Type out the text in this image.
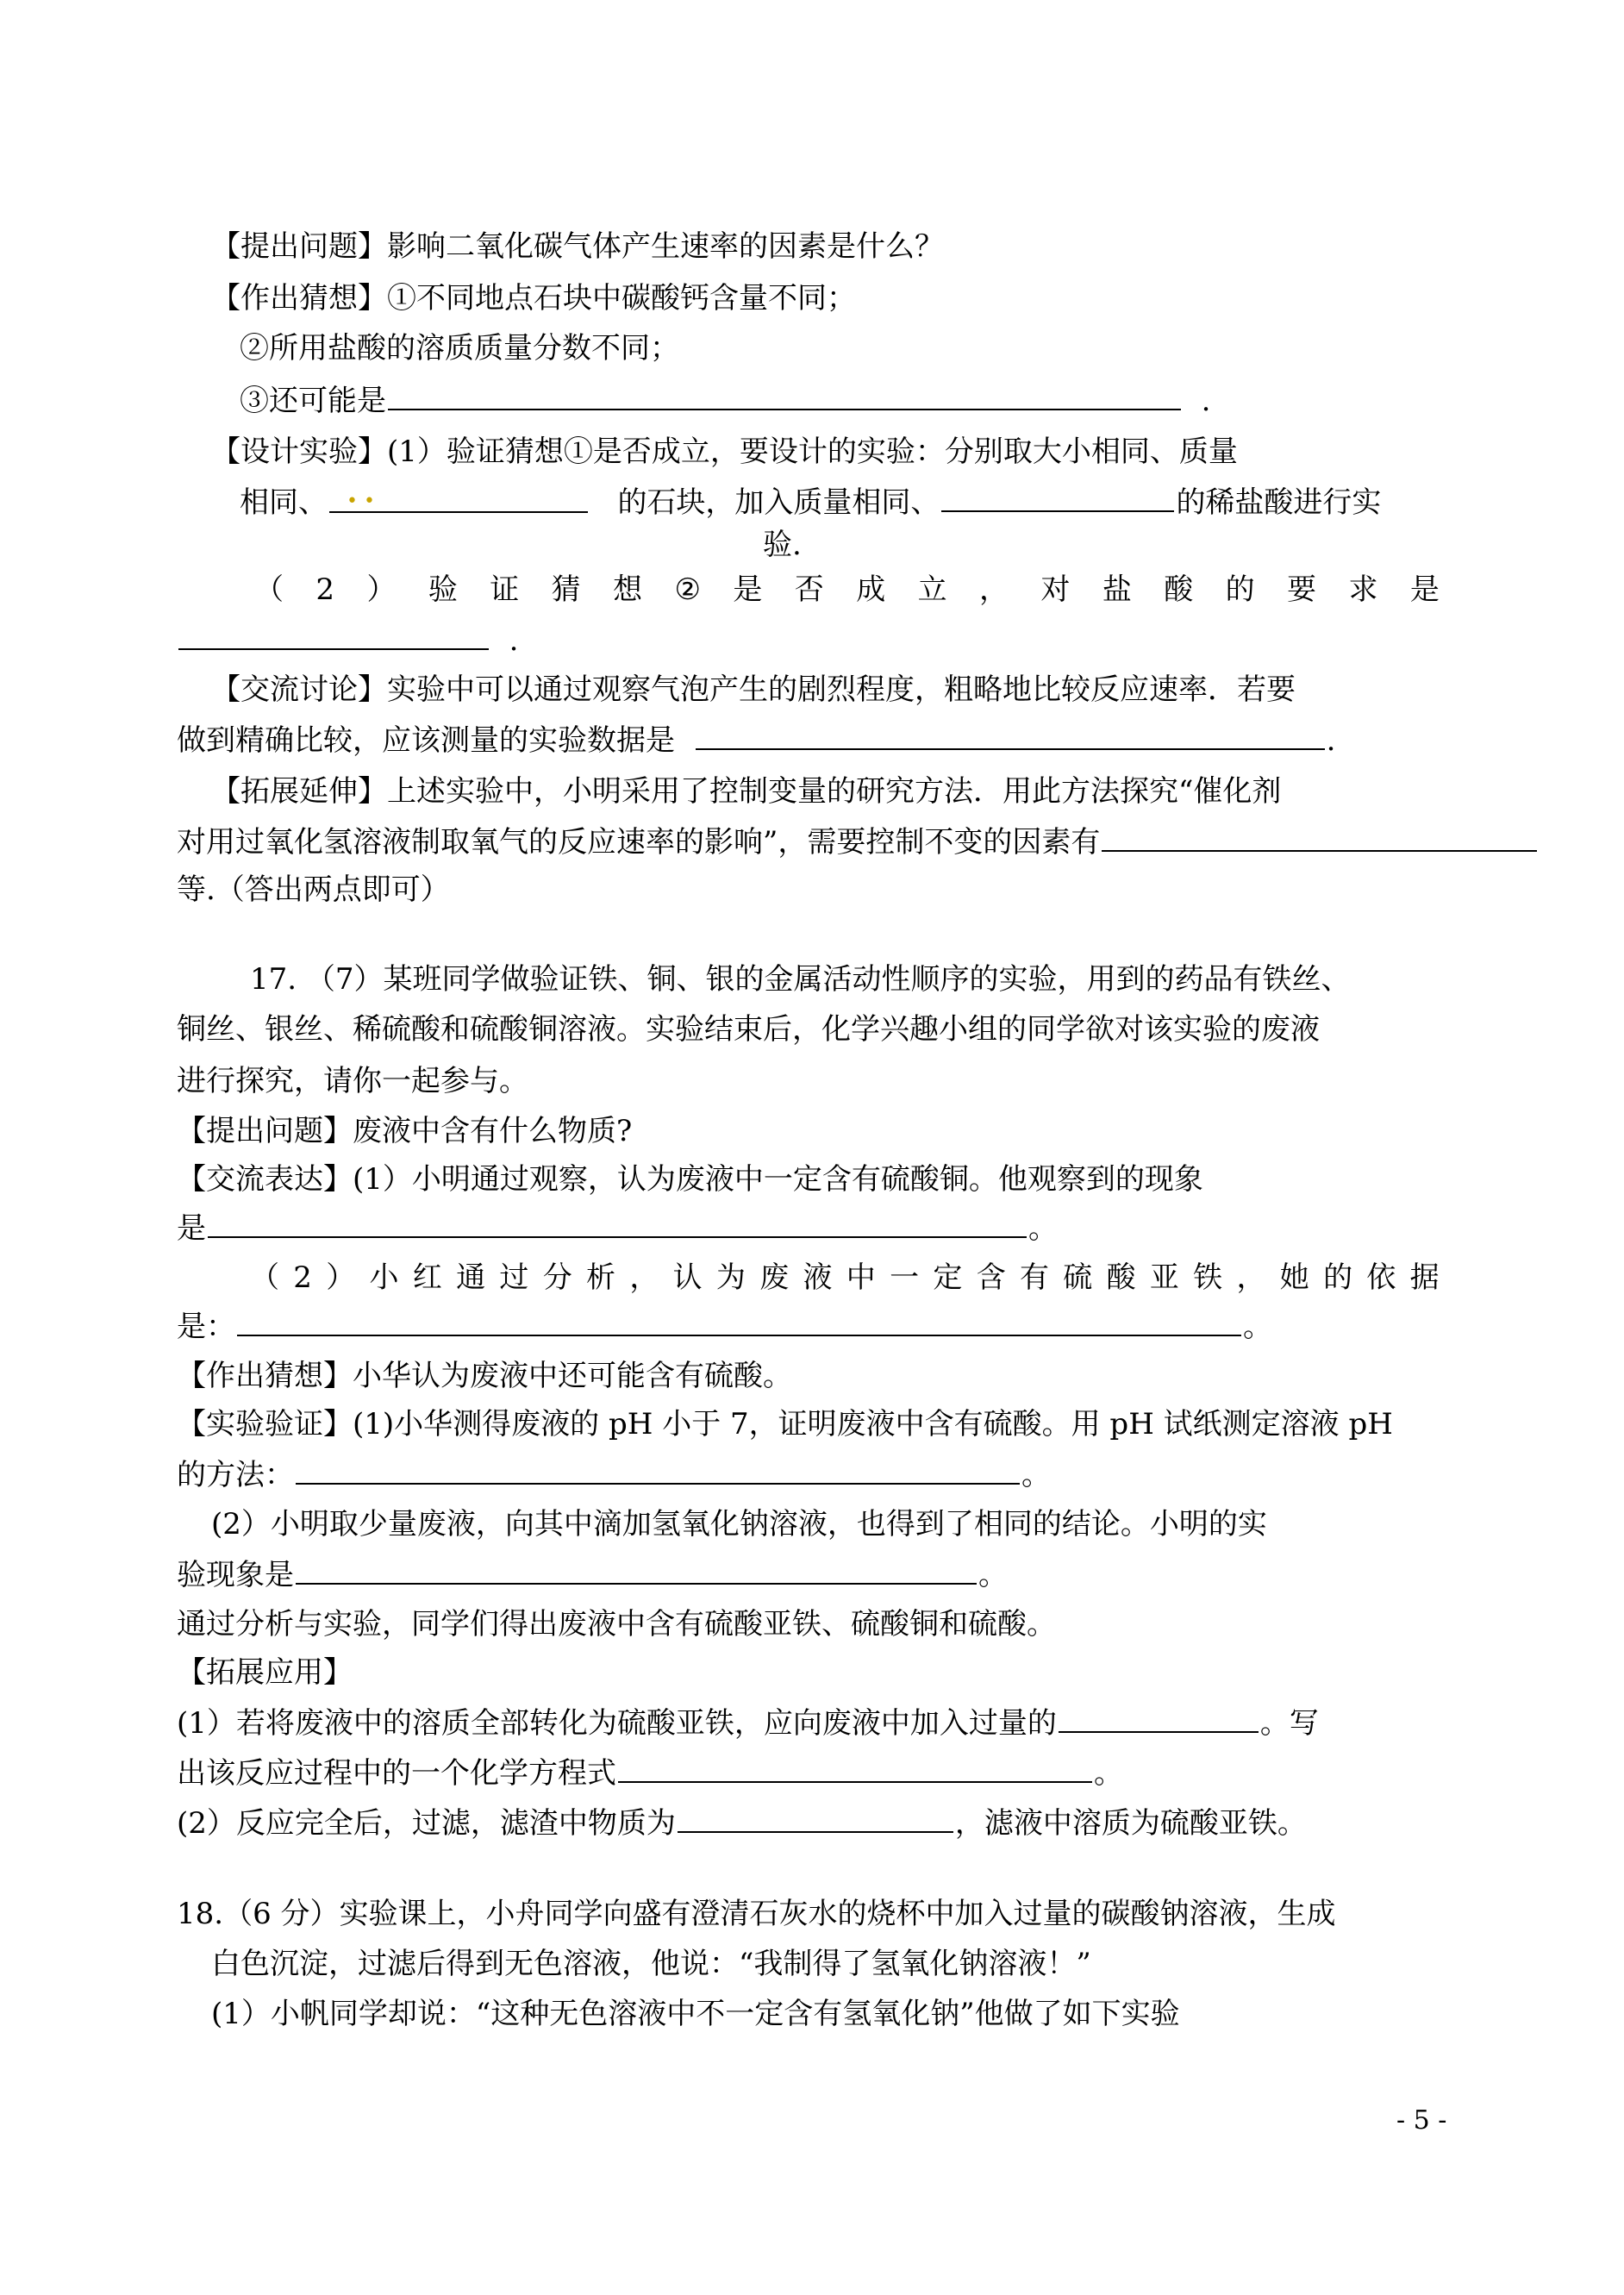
【提出问题】影响二氧化碳气体产生速率的因素是什么？
【作出猜想】①不同地点石块中碳酸钙含量不同；
②所用盐酸的溶质质量分数不同；
③还可能是	.
【设计实验】(1）验证猜想①是否成立，要设计的实验：分别取大小相同、质量
相同、 • •	的石块，加入质量相同、	的稀盐酸进行实
验.
（ 2 ） 验 证 猜 想 ② 是 否 成 立 ， 对 盐 酸 的 要 求 是
.
【交流讨论】实验中可以通过观察气泡产生的剧烈程度，粗略地比较反应速率．若要
做到精确比较，应该测量的实验数据是	.
【拓展延伸】上述实验中，小明采用了控制变量的研究方法．用此方法探究“催化剂
对用过氧化氢溶液制取氧气的反应速率的影响”，需要控制不变的因素有
等.（答出两点即可）
17. （7）某班同学做验证铁、铜、银的金属活动性顺序的实验，用到的药品有铁丝、
铜丝、银丝、稀硫酸和硫酸铜溶液。实验结束后，化学兴趣小组的同学欲对该实验的废液
进行探究，请你一起参与。
【提出问题】废液中含有什么物质?
【交流表达】(1）小明通过观察，认为废液中一定含有硫酸铜。他观察到的现象
是	。
（ 2 ） 小 红 通 过 分 析 ， 认 为 废 液 中 一 定 含 有 硫 酸 亚 铁 ， 她 的 依 据
是：	。
【作出猜想】小华认为废液中还可能含有硫酸。
【实验验证】(1)小华测得废液的 pH 小于 7，证明废液中含有硫酸。用 pH 试纸测定溶液 pH
的方法：	。
(2）小明取少量废液，向其中滴加氢氧化钠溶液，也得到了相同的结论。小明的实
验现象是	。
通过分析与实验，同学们得出废液中含有硫酸亚铁、硫酸铜和硫酸。
【拓展应用】
(1）若将废液中的溶质全部转化为硫酸亚铁，应向废液中加入过量的	。写
出该反应过程中的一个化学方程式	。
(2）反应完全后，过滤，滤渣中物质为	，滤液中溶质为硫酸亚铁。
18.（6 分）实验课上，小舟同学向盛有澄清石灰水的烧杯中加入过量的碳酸钠溶液，生成
白色沉淀，过滤后得到无色溶液，他说：“我制得了氢氧化钠溶液！”
(1）小帆同学却说：“这种无色溶液中不一定含有氢氧化钠”他做了如下实验
- 5 -
